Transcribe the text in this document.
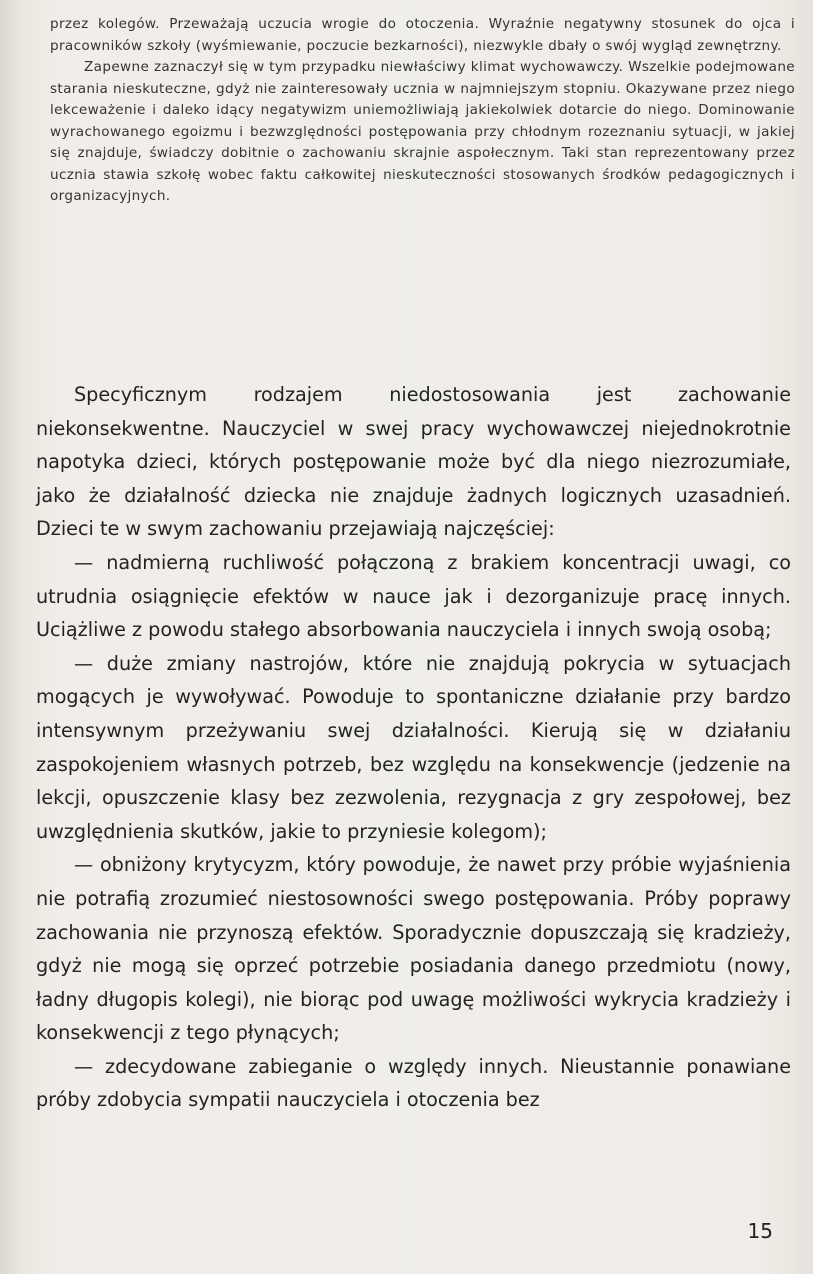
przez kolegów. Przeważają uczucia wrogie do otoczenia. Wyraźnie negatywny stosunek do ojca i pracowników szkoły (wyśmiewanie, poczucie bezkarności), niezwykle dbały o swój wygląd zewnętrzny.

Zapewne zaznaczył się w tym przypadku niewłaściwy klimat wychowawczy. Wszelkie podejmowane starania nieskuteczne, gdyż nie zainteresowały ucznia w najmniejszym stopniu. Okazywane przez niego lekceważenie i daleko idący negatywizm uniemożliwiają jakiekolwiek dotarcie do niego. Dominowanie wyrachowanego egoizmu i bezwzględności postępowania przy chłodnym rozeznaniu sytuacji, w jakiej się znajduje, świadczy dobitnie o zachowaniu skrajnie aspołecznym. Taki stan reprezentowany przez ucznia stawia szkołę wobec faktu całkowitej nieskuteczności stosowanych środków pedagogicznych i organizacyjnych.

Specyficznym rodzajem niedostosowania jest zachowanie niekonsekwentne. Nauczyciel w swej pracy wychowawczej niejednokrotnie napotyka dzieci, których postępowanie może być dla niego niezrozumiałe, jako że działalność dziecka nie znajduje żadnych logicznych uzasadnień. Dzieci te w swym zachowaniu przejawiają najczęściej:

— nadmierną ruchliwość połączoną z brakiem koncentracji uwagi, co utrudnia osiągnięcie efektów w nauce jak i dezorganizuje pracę innych. Uciążliwe z powodu stałego absorbowania nauczyciela i innych swoją osobą;

— duże zmiany nastrojów, które nie znajdują pokrycia w sytuacjach mogących je wywoływać. Powoduje to spontaniczne działanie przy bardzo intensywnym przeżywaniu swej działalności. Kierują się w działaniu zaspokojeniem własnych potrzeb, bez względu na konsekwencje (jedzenie na lekcji, opuszczenie klasy bez zezwolenia, rezygnacja z gry zespołowej, bez uwzględnienia skutków, jakie to przyniesie kolegom);

— obniżony krytycyzm, który powoduje, że nawet przy próbie wyjaśnienia nie potrafią zrozumieć niestosowności swego postępowania. Próby poprawy zachowania nie przynoszą efektów. Sporadycznie dopuszczają się kradzieży, gdyż nie mogą się oprzeć potrzebie posiadania danego przedmiotu (nowy, ładny długopis kolegi), nie biorąc pod uwagę możliwości wykrycia kradzieży i konsekwencji z tego płynących;

— zdecydowane zabieganie o względy innych. Nieustannie ponawiane próby zdobycia sympatii nauczyciela i otoczenia bez

15
